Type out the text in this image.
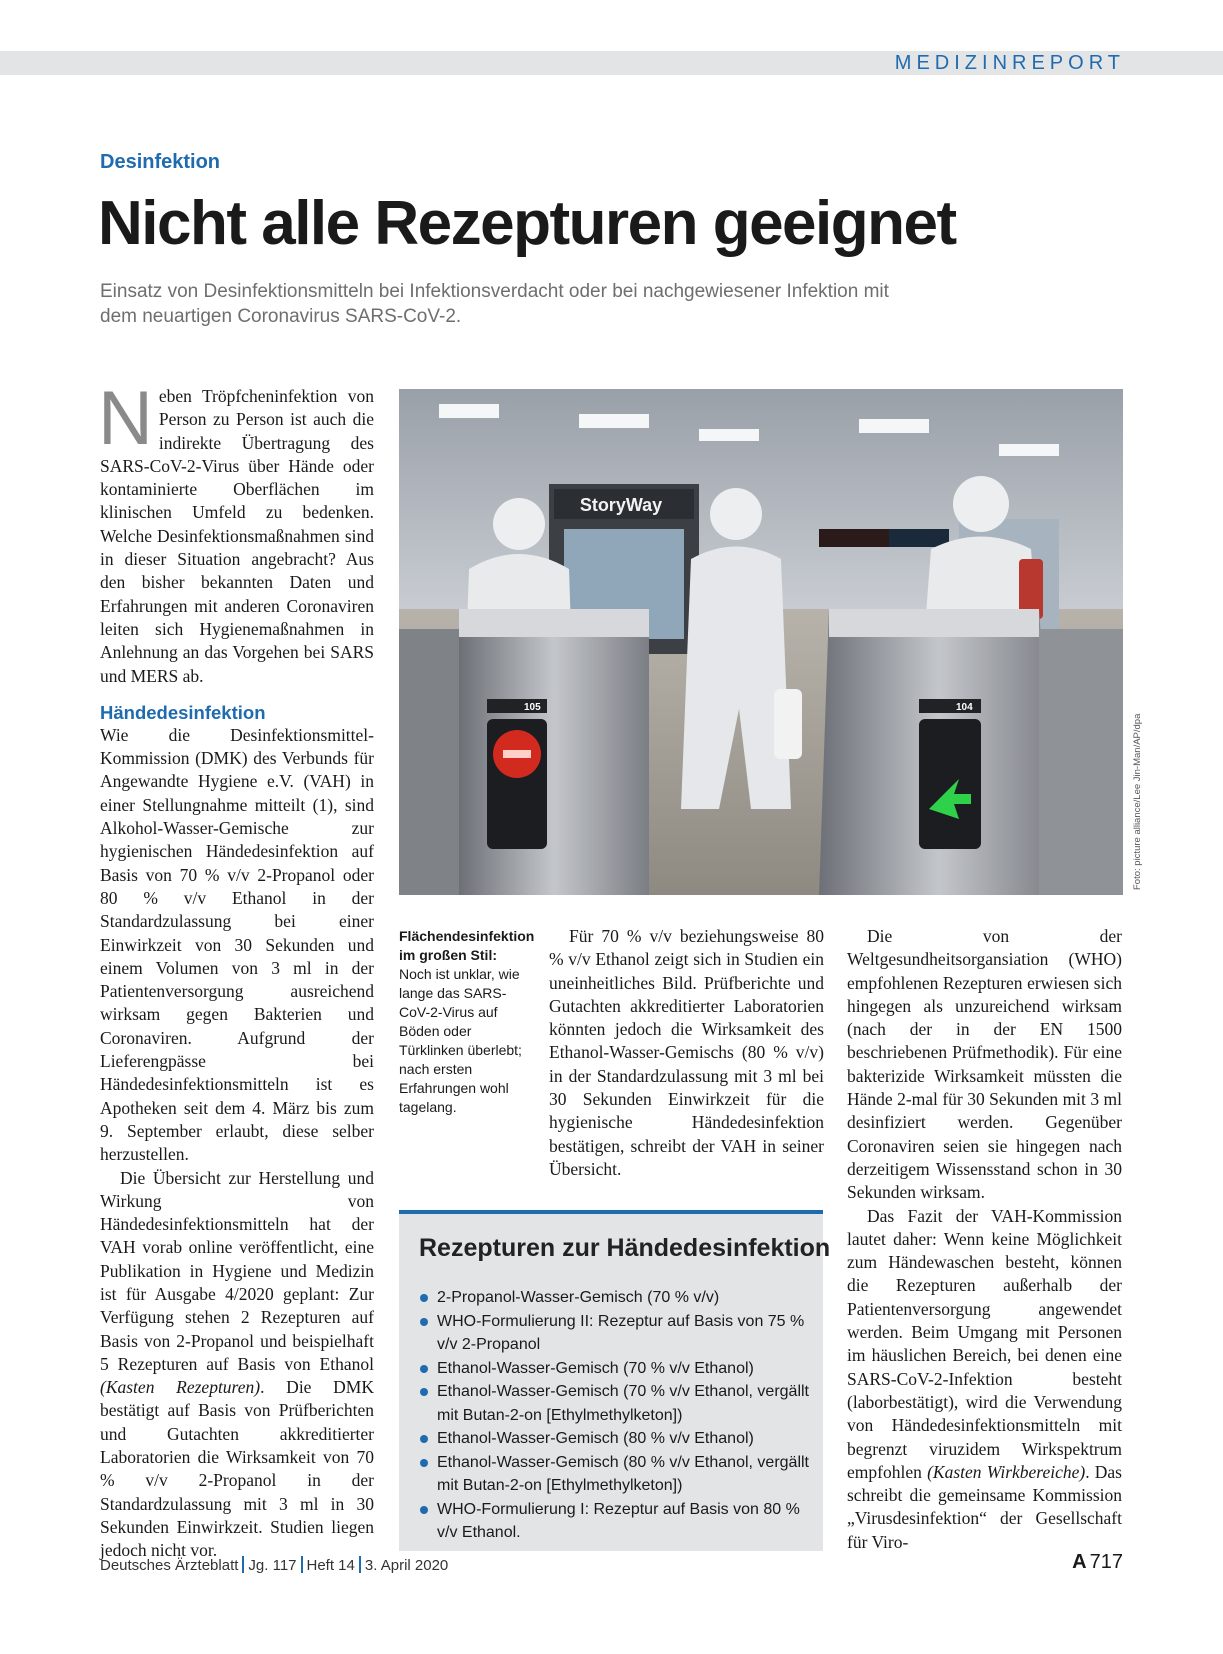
MEDIZINREPORT
Desinfektion
Nicht alle Rezepturen geeignet

Einsatz von Desinfektionsmitteln bei Infektionsverdacht oder bei nachgewiesener Infektion mit dem neuartigen Coronavirus SARS-CoV-2.

Neben Tröpfcheninfektion von Person zu Person ist auch die indirekte Übertragung des SARS-CoV-2-Virus über Hände oder kontaminierte Oberflächen im klinischen Umfeld zu bedenken. Welche Desinfektionsmaßnahmen sind in dieser Situation angebracht? Aus den bisher bekannten Daten und Erfahrungen mit anderen Coronaviren leiten sich Hygienemaßnahmen in Anlehnung an das Vorgehen bei SARS und MERS ab.

Händedesinfektion

Wie die Desinfektionsmittel-Kommission (DMK) des Verbunds für Angewandte Hygiene e.V. (VAH) in einer Stellungnahme mitteilt (1), sind Alkohol-Wasser-Gemische zur hygienischen Händedesinfektion auf Basis von 70 % v/v 2-Propanol oder 80 % v/v Ethanol in der Standardzulassung bei einer Einwirkzeit von 30 Sekunden und einem Volumen von 3 ml in der Patientenversorgung ausreichend wirksam gegen Bakterien und Coronaviren. Aufgrund der Lieferengpässe bei Händedesinfektionsmitteln ist es Apotheken seit dem 4. März bis zum 9. September erlaubt, diese selber herzustellen.

Die Übersicht zur Herstellung und Wirkung von Händedesinfektionsmitteln hat der VAH vorab online veröffentlicht, eine Publikation in Hygiene und Medizin ist für Ausgabe 4/2020 geplant: Zur Verfügung stehen 2 Rezepturen auf Basis von 2-Propanol und beispielhaft 5 Rezepturen auf Basis von Ethanol (Kasten Rezepturen). Die DMK bestätigt auf Basis von Prüfberichten und Gutachten akkreditierter Laboratorien die Wirksamkeit von 70 % v/v 2-Propanol in der Standardzulassung mit 3 ml in 30 Sekunden Einwirkzeit. Studien liegen jedoch nicht vor.

StoryWay
105	104
Foto: picture alliance/Lee Jin-Man/AP/dpa
Flächendesinfektion im großen Stil:
Noch ist unklar, wie lange das SARS-CoV-2-Virus auf Böden oder Türklinken überlebt; nach ersten Erfahrungen wohl tagelang.

Für 70 % v/v beziehungsweise 80 % v/v Ethanol zeigt sich in Studien ein uneinheitliches Bild. Prüfberichte und Gutachten akkreditierter Laboratorien könnten jedoch die Wirksamkeit des Ethanol-Wasser-Gemischs (80 % v/v) in der Standardzulassung mit 3 ml bei 30 Sekunden Einwirkzeit für die hygienische Händedesinfektion bestätigen, schreibt der VAH in seiner Übersicht.

Die von der Weltgesundheitsorgansiation (WHO) empfohlenen Rezepturen erwiesen sich hingegen als unzureichend wirksam (nach der in der EN 1500 beschriebenen Prüfmethodik). Für eine bakterizide Wirksamkeit müssten die Hände 2-mal für 30 Sekunden mit 3 ml desinfiziert werden. Gegenüber Coronaviren seien sie hingegen nach derzeitigem Wissensstand schon in 30 Sekunden wirksam.

Das Fazit der VAH-Kommission lautet daher: Wenn keine Möglichkeit zum Händewaschen besteht, können die Rezepturen außerhalb der Patientenversorgung angewendet werden. Beim Umgang mit Personen im häuslichen Bereich, bei denen eine SARS-CoV-2-Infektion besteht (laborbestätigt), wird die Verwendung von Händedesinfektionsmitteln mit begrenzt viruzidem Wirkspektrum empfohlen (Kasten Wirkbereiche). Das schreibt die gemeinsame Kommission „Virusdesinfektion“ der Gesellschaft für Viro-

Rezepturen zur Händedesinfektion
2-Propanol-Wasser-Gemisch (70 % v/v)
WHO-Formulierung II: Rezeptur auf Basis von 75 % v/v 2-Propanol
Ethanol-Wasser-Gemisch (70 % v/v Ethanol)
Ethanol-Wasser-Gemisch (70 % v/v Ethanol, vergällt mit Butan-2-on [Ethylmethylketon])
Ethanol-Wasser-Gemisch (80 % v/v Ethanol)
Ethanol-Wasser-Gemisch (80 % v/v Ethanol, vergällt mit Butan-2-on [Ethylmethylketon])
WHO-Formulierung I: Rezeptur auf Basis von 80 % v/v Ethanol.
Deutsches Ärzteblatt Jg. 117 Heft 14 3. April 2020	A 717
